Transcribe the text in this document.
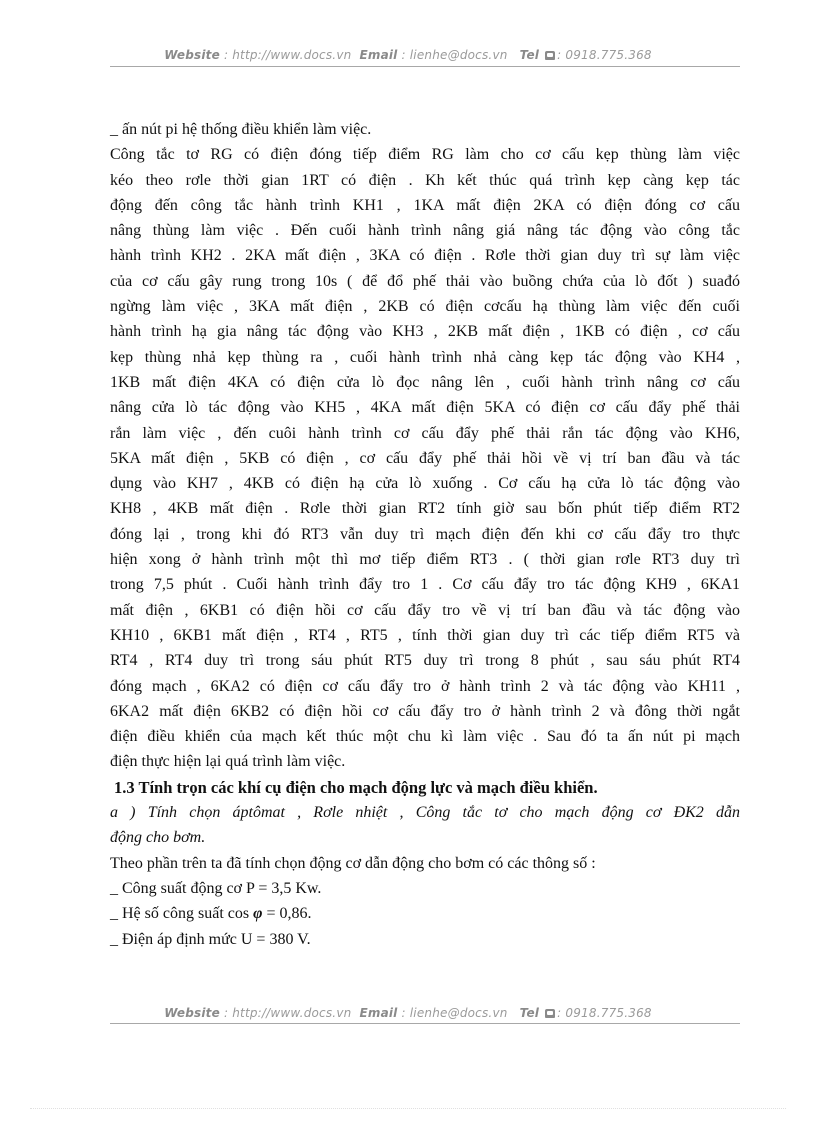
Website : http://www.docs.vn Email : lienhe@docs.vn Tel : 0918.775.368

_ ấn nút pi hệ thống điều khiển làm việc.

Công tắc tơ RG có điện đóng tiếp điểm RG làm cho cơ cấu kẹp thùng làm việc
kéo theo rơle thời gian 1RT có điện . Kh kết thúc quá trình kẹp càng kẹp tác
động đến công tắc hành trình KH1 , 1KA mất điện 2KA có điện đóng cơ cấu
nâng thùng làm việc . Đến cuối hành trình nâng giá nâng tác động vào công tắc
hành trình KH2 . 2KA mất điện , 3KA có điện . Rơle thời gian duy trì sự làm việc
của cơ cấu gây rung trong 10s ( để đổ phế thải vào buồng chứa của lò đốt ) suađó
ngừng làm việc , 3KA mất điện , 2KB có điện cơcấu hạ thùng làm việc đến cuối
hành trình hạ gia nâng tác động vào KH3 , 2KB mất điện , 1KB có điện , cơ cấu
kẹp thùng nhả kẹp thùng ra , cuối hành trình nhả càng kẹp tác động vào KH4 ,
1KB mất điện 4KA có điện cửa lò đọc nâng lên , cuối hành trình nâng cơ cấu
nâng cửa lò tác động vào KH5 , 4KA mất điện 5KA có điện cơ cấu đẩy phế thải
rắn làm việc , đến cuôi hành trình cơ cấu đẩy phế thải rắn tác động vào KH6,
5KA mất điện , 5KB có điện , cơ cấu đẩy phế thải hồi về vị trí ban đầu và tác
dụng vào KH7 , 4KB có điện hạ cửa lò xuống . Cơ cấu hạ cửa lò tác động vào
KH8 , 4KB mất điện . Rơle thời gian RT2 tính giờ sau bốn phút tiếp điểm RT2
đóng lại , trong khi đó RT3 vẫn duy trì mạch điện đến khi cơ cấu đẩy tro thực
hiện xong ở hành trình một thì mơ tiếp điểm RT3 . ( thời gian rơle RT3 duy trì
trong 7,5 phút . Cuối hành trình đẩy tro 1 . Cơ cấu đẩy tro tác động KH9 , 6KA1
mất điện , 6KB1 có điện hồi cơ cấu đẩy tro về vị trí ban đầu và tác động vào
KH10 , 6KB1 mất điện , RT4 , RT5 , tính thời gian duy trì các tiếp điểm RT5 và
RT4 , RT4 duy trì trong sáu phút RT5 duy trì trong 8 phút , sau sáu phút RT4
đóng mạch , 6KA2 có điện cơ cấu đẩy tro ở hành trình 2 và tác động vào KH11 ,
6KA2 mất điện 6KB2 có điện hồi cơ cấu đẩy tro ở hành trình 2 và đông thời ngắt
điện điều khiển của mạch kết thúc một chu kì làm việc . Sau đó ta ấn nút pi mạch
điện thực hiện lại quá trình làm việc.

1.3 Tính trọn các khí cụ điện cho mạch động lực và mạch điều khiển.

a ) Tính chọn áptômat , Rơle nhiệt , Công tắc tơ cho mạch động cơ ĐK2 dẫn
động cho bơm.

Theo phần trên ta đã tính chọn động cơ dẫn động cho bơm có các thông số :

_ Công suất động cơ P = 3,5 Kw.

_ Hệ số công suất cos φ = 0,86.

_ Điện áp định mức U = 380 V.

Website : http://www.docs.vn Email : lienhe@docs.vn Tel : 0918.775.368
